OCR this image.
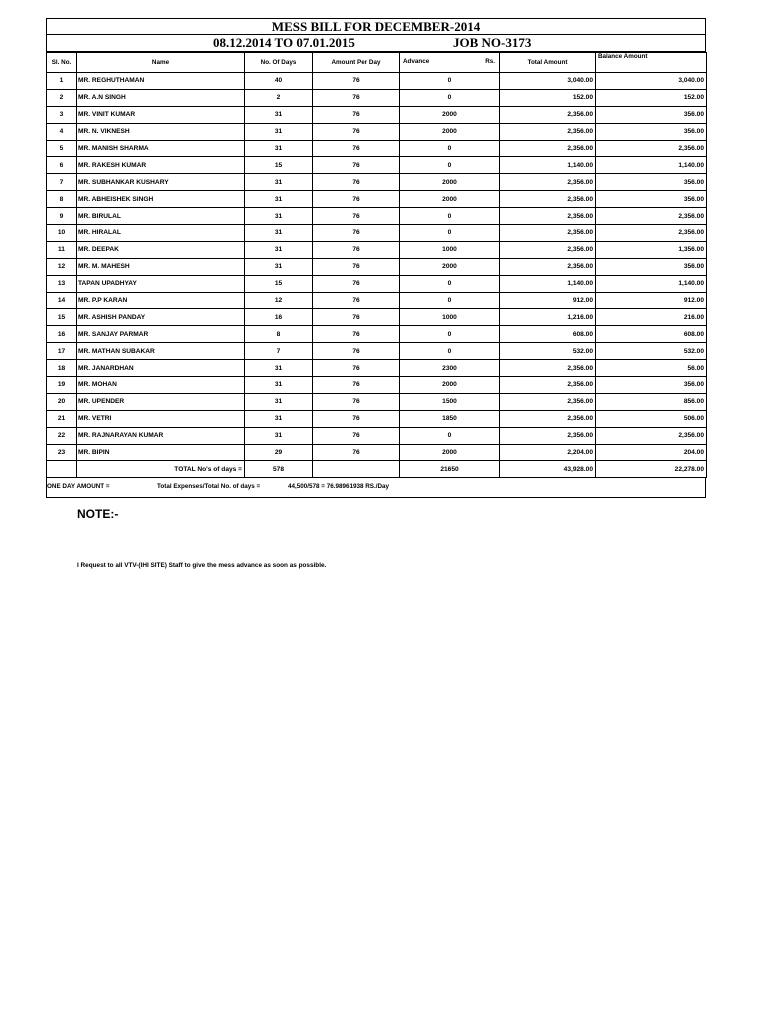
MESS BILL FOR DECEMBER-2014
08.12.2014 TO 07.01.2015	JOB NO-3173
Sl. No.	Name	No. Of Days	Amount Per Day	Advance Rs.	Total Amount	Balance Amount
1	MR. REGHUTHAMAN	40	76	0	3,040.00	3,040.00
2	MR. A.N SINGH	2	76	0	152.00	152.00
3	MR. VINIT KUMAR	31	76	2000	2,356.00	356.00
4	MR. N. VIKNESH	31	76	2000	2,356.00	356.00
5	MR. MANISH SHARMA	31	76	0	2,356.00	2,356.00
6	MR. RAKESH KUMAR	15	76	0	1,140.00	1,140.00
7	MR. SUBHANKAR KUSHARY	31	76	2000	2,356.00	356.00
8	MR. ABHEISHEK SINGH	31	76	2000	2,356.00	356.00
9	MR. BIRULAL	31	76	0	2,356.00	2,356.00
10	MR. HIRALAL	31	76	0	2,356.00	2,356.00
11	MR. DEEPAK	31	76	1000	2,356.00	1,356.00
12	MR. M. MAHESH	31	76	2000	2,356.00	356.00
13	TAPAN UPADHYAY	15	76	0	1,140.00	1,140.00
14	MR. P.P KARAN	12	76	0	912.00	912.00
15	MR. ASHISH PANDAY	16	76	1000	1,216.00	216.00
16	MR. SANJAY PARMAR	8	76	0	608.00	608.00
17	MR. MATHAN SUBAKAR	7	76	0	532.00	532.00
18	MR. JANARDHAN	31	76	2300	2,356.00	56.00
19	MR. MOHAN	31	76	2000	2,356.00	356.00
20	MR. UPENDER	31	76	1500	2,356.00	856.00
21	MR. VETRI	31	76	1850	2,356.00	506.00
22	MR. RAJNARAYAN KUMAR	31	76	0	2,356.00	2,356.00
23	MR. BIPIN	29	76	2000	2,204.00	204.00
	TOTAL No's of days =	578		21650	43,928.00	22,278.00
ONE DAY AMOUNT =	Total Expenses/Total No. of days =	44,500/578 = 76.98961938 RS./Day
NOTE:-
I Request to all VTV-(IHI SITE) Staff to give the mess advance as soon as possible.
